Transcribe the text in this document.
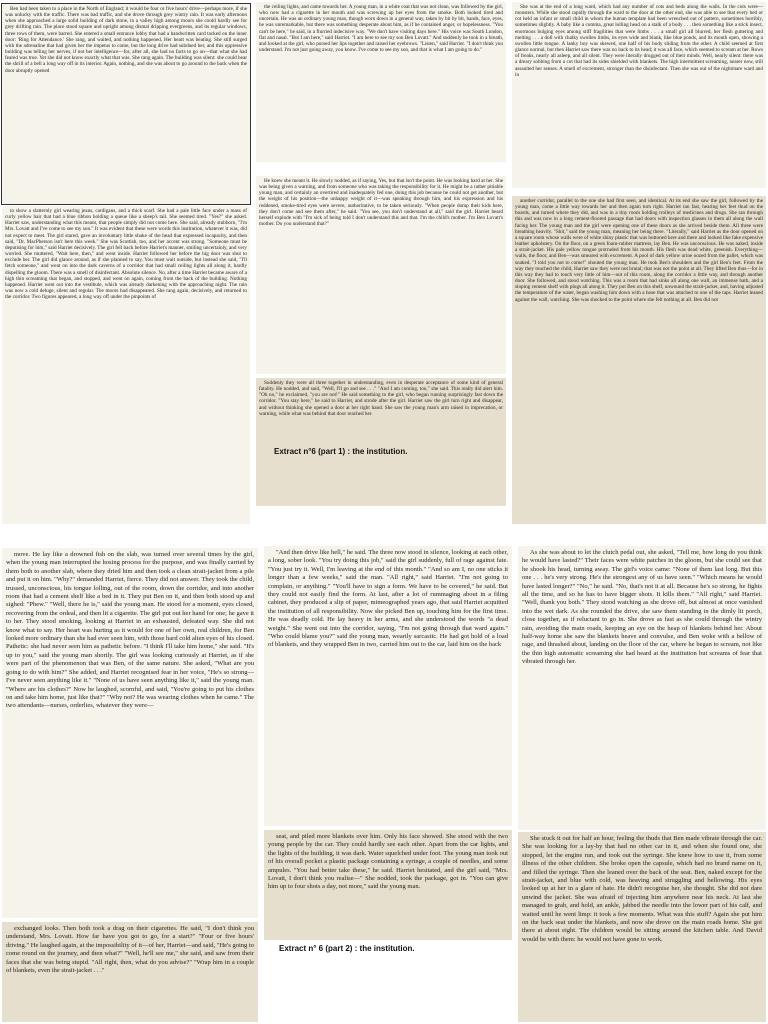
Ben had been taken to a place in the North of England; it would be four or five hours' drive—perhaps more, if she was unlucky with the traffic. There was bad traffic, and she drove through grey wintry rain. It was early afternoon when she approached a large solid building of dark stone, in a valley high among moors she could hardly see for grey drifting rain. The place stood square and upright among dismal dripping evergreens, and its regular windows, three rows of them, were barred. She entered a small entrance lobby that had a handwritten card tacked on the inner door: 'Ring for Attendance.' She rang, and waited, and nothing happened. Her heart was beating. She still surged with the adrenaline that had given her the impetus to come, but the long drive had subdued her, and this oppressive building was telling her nerves, if not her intelligence—for, after all, she had no facts to go on—that what she had feared was true. Yet she did not know exactly what that was. She rang again. The building was silent: she could hear the shrill of a bell a long way off in its interior. Again, nothing, and she was about to go around to the back when the door abruptly opened

to show a slatternly girl wearing jeans, cardigans, and a thick scarf. She had a pale little face under a mass of curly yellow hair that had a blue ribbon holding a queue like a sheep's tail. She seemed tired. "Yes?" she asked. Harriet saw, understanding what this meant, that people simply did not come here. She said, already stubborn, "I'm Mrs. Lovatt and I've come to see my son." It was evident that these were words this institution, whatever it was, did not expect to meet. The girl stared, gave an involuntary little shake of the head that expressed incapacity, and then said, "Dr. MacPherson isn't here this week." She was Scottish, too, and her accent was strong. "Someone must be deputising for him," said Harriet decisively. The girl fell back before Harriet's manner, smiling uncertainly, and very worried. She muttered, "Wait here, then," and went inside. Harriet followed her before the big door was shut to exclude her. The girl did glance around, as if she planned to say, You must wait outside, but instead she said, "I'll fetch someone," and went on into the dark caverns of a corridor that had small ceiling lights all along it, hardly dispelling the gloom. There was a smell of disinfectant. Absolute silence. No, after a time Harriet became aware of a high thin screaming that began, and stopped, and went on again, coming from the back of the building. Nothing happened. Harriet went out into the vestibule, which was already darkening with the approaching night. The rain was now a cold deluge, silent and regular. The moors had disappeared. She rang again, decisively, and returned to the corridor. Two figures appeared, a long way off under the pinpoints of

the ceiling lights, and came towards her. A young man, in a white coat that was not clean, was followed by the girl, who now had a cigarette in her mouth and was screwing up her eyes from the smoke. Both looked tired and uncertain. He was an ordinary young man, though worn down in a general way, taken by bit by bit, hands, face, eyes, he was unremarkable, but there was something desperate about him, as if he contained anger, or hopelessness. "You can't be here," he said, in a flurried indecisive way. "We don't have visiting days here." His voice was South London, flat and nasal. "But I am here," said Harriet. "I am here to see my son Ben Lovatt." And suddenly he took in a breath, and looked at the girl, who pursed her lips together and raised her eyebrows. "Listen," said Harriet. "I don't think you understand. I'm not just going away, you know. I've come to see my son, and that is what I am going to do."

He knew she meant it. He slowly nodded, as if saying, Yes, but that isn't the point. He was looking hard at her. She was being given a warning, and from someone who was taking the responsibility for it. He might be a rather pitiable young man, and certainly an overtired and inadequately fed one, doing this job because he could not get another, but the weight of his position—the unhappy weight of it—was speaking through him, and his expression and his reddened, smoke-tired eyes were severe, authoritative, to be taken seriously. "When people dump their kids here, they don't come and see them after," he said. "You see, you don't understand at all," said the girl. Harriet heard herself explode with "I'm sick of being told I don't understand this and that. I'm the child's mother. I'm Ben Lovatt's mother. Do you understand that?"

Suddenly they were all three together in understanding, even in desperate acceptance of some kind of general fatality. He nodded, and said, "Well, I'll go and see . . ." "And I am coming, too," she said. This really did alert him. "Oh no," he exclaimed, "you are not!" He said something to the girl, who began running surprisingly fast down the corridor. "You stay here," he said to Harriet, and strode after the girl. Harriet saw the girl turn right and disappear, and without thinking she opened a door at her right hand. She saw the young man's arm raised in imprecation, or warning, while what was behind that door reached her.

Extract n°6 (part 1) : the institution.

She was at the end of a long ward, which had any number of cots and beds along the walls. In the cots were—monsters. While she stood rapidly through the ward to the door at the other end, she was able to see that every bed or cot held an infant or small child in whom the human template had been wrenched out of pattern, sometimes horribly, sometimes slightly. A baby like a comma, great lolling head on a stalk of a body . . . then something like a stick insect, enormous bulging eyes among stiff fragilities that were limbs . . . a small girl all blurred, her flesh guttering and melting . . . a doll with chalky swollen limbs, its eyes wide and blank, like blue ponds, and its mouth open, showing a swollen little tongue. A lanky boy was skewed, one half of his body sliding from the other. A child seemed at first glance normal, but then Harriet saw there was no back to its head; it was all face, which seemed to scream at her. Rows of freaks, nearly all asleep, and all silent. They were literally drugged out of their minds. Well, nearly silent: there was a dreary sobbing from a cot that had its sides shielded with blankets. The high intermittent screaming, nearer now, still assaulted her senses. A smell of excrement, stronger than the disinfectant. Then she was out of the nightmare ward and in

another corridor, parallel to the one she had first seen, and identical. At its end she saw the girl, followed by the young man, come a little way towards her and then again turn right. Harriet ran fast, hearing her feet thud on the boards, and turned where they did, and was in a tiny room holding trolleys of medicines and drugs. She ran through this and was now in a long cement-floored passage that had doors with inspection glasses in them all along the wall facing her. The young man and the girl were opening one of these doors as she arrived beside them. All three were breathing heavily. "Shit," said the young man, meaning her being there. "Literally," said Harriet as the door opened on a square room whose walls were of white shiny plastic that was buttoned here and there and looked like fake expensive leather upholstery. On the floor, on a green foam-rubber mattress, lay Ben. He was unconscious. He was naked, inside a strait-jacket. His pale yellow tongue protruded from his mouth. His flesh was dead white, greenish. Everything—walls, the floor, and Ben—was smeared with excrement. A pool of dark yellow urine oozed from the pallet, which was soaked. "I told you not to come!" shouted the young man. He took Ben's shoulders and the girl Ben's feet. From the way they touched the child, Harriet saw they were not brutal; that was not the point at all. They lifted Ben thus—for in this way they had to touch very little of him—out of this room, along the corridor a little way, and through another door. She followed, and stood watching. This was a room that had sinks all along one wall, an immense bath, and a sloping cement shelf with plugs all along it. They put Ben on this shelf, unwound the strait-jacket, and, having adjusted the temperature of the water, began washing him down with a hose that was attached to one of the taps. Harriet leaned against the wall, watching. She was shocked to the point where she felt nothing at all. Ben did not

move. He lay like a drowned fish on the slab, was turned over several times by the girl, when the young man interrupted the hosing process for the purpose, and was finally carried by them both to another slab, where they dried him and then took a clean strait-jacket from a pile and put it on him. "Why?" demanded Harriet, fierce. They did not answer. They took the child, trussed, unconscious, his tongue lolling, out of the room, down the corridor, and into another room that had a cement shelf like a bed in it. They put Ben on it, and then both stood up and sighed: "Phew." "Well, there he is," said the young man. He stood for a moment, eyes closed, recovering from the ordeal, and then lit a cigarette. The girl put out her hand for one; he gave it to her. They stood smoking, looking at Harriet in an exhausted, defeated way. She did not know what to say. Her heart was hurting as it would for one of her own, real children, for Ben looked more ordinary than she had ever seen him, with those hard cold alien eyes of his closed. Pathetic: she had never seen him as pathetic before. "I think I'll take him home," she said. "It's up to you," said the young man shortly. The girl was looking curiously at Harriet, as if she were part of the phenomenon that was Ben, of the same nature. She asked, "What are you going to do with him?" She added, and Harriet recognised fear in her voice, "He's so strong—I've never seen anything like it." "None of us have seen anything like it," said the young man. "Where are his clothes?" Now he laughed, scornful, and said, "You're going to put his clothes on and take him home, just like that?" "Why not? He was wearing clothes when he came." The two attendants—nurses, orderlies, whatever they were—

exchanged looks. Then both took a drag on their cigarettes. He said, "I don't think you understand, Mrs. Lovatt. How far have you got to go, for a start?" "Four or five hours' driving." He laughed again, at the impossibility of it—of her, Harriet—and said, "He's going to come round on the journey, and then what?" "Well, he'll see me," she said, and saw from their faces that she was being stupid. "All right, then, what do you advise?" "Wrap him in a couple of blankets, even the strait-jacket . . ."

"And then drive like hell," he said. The three now stood in silence, looking at each other, a long, sober look. "You try doing this job," said the girl suddenly, full of rage against fate. "You just try it. Well, I'm leaving at the end of this month." "And so am I, no one sticks it longer than a few weeks," said the man. "All right," said Harriet. "I'm not going to complain, or anything." "You'll have to sign a form. We have to be covered," he said. But they could not easily find the form. At last, after a lot of rummaging about in a filing cabinet, they produced a slip of paper, mimeographed years ago, that said Harriet acquitted the institution of all responsibility. Now she picked Ben up, touching him for the first time. He was deadly cold. He lay heavy in her arms, and she understood the words "a dead weight." She went out into the corridor, saying, "I'm not going through that ward again." "Who could blame you?" said the young man, wearily sarcastic. He had got hold of a load of blankets, and they wrapped Ben in two, carried him out to the car, laid him on the back

seat, and piled more blankets over him. Only his face showed. She stood with the two young people by the car. They could hardly see each other. Apart from the car lights, and the lights of the building, it was dark. Water squelched under foot. The young man took out of his overall pocket a plastic package containing a syringe, a couple of needles, and some ampules. "You had better take these," he said. Harriet hesitated, and the girl said, "Mrs. Lovatt, I don't think you realise—" She nodded, took the package, got in. "You can give him up to four shots a day, not more," said the young man.

Extract n° 6 (part 2) : the institution.

As she was about to let the clutch pedal out, she asked, "Tell me, how long do you think he would have lasted?" Their faces were white patches in the gloom, but she could see that he shook his head, turning away. The girl's voice came: "None of them last long. But this one . . . he's very strong. He's the strongest any of us have seen." "Which means he would have lasted longer?" "No," he said. "No, that's not it at all. Because he's so strong, he fights all the time, and so he has to have bigger shots. It kills them." "All right," said Harriet. "Well, thank you both." They stood watching as she drove off, but almost at once vanished into the wet dark. As she rounded the drive, she saw them standing in the dimly lit porch, close together, as if reluctant to go in. She drove as fast as she could through the wintry rain, avoiding the main roads, keeping an eye on the heap of blankets behind her. About half-way home she saw the blankets heave and convulse, and Ben woke with a bellow of rage, and thrashed about, landing on the floor of the car, where he began to scream, not like the thin high automatic screaming she had heard at the institution but screams of fear that vibrated through her.

She stuck it out for half an hour, feeling the thuds that Ben made vibrate through the car. She was looking for a lay-by that had no other car in it, and when she found one, she stopped, let the engine run, and took out the syringe. She knew how to use it, from some illness of the other children. She broke open the capsule, which had no brand name on it, and filled the syringe. Then she leaned over the back of the seat. Ben, naked except for the strait-jacket, and blue with cold, was heaving and struggling and bellowing. His eyes looked up at her in a glare of hate. He didn't recognise her, she thought. She did not dare unwind the jacket. She was afraid of injecting him anywhere near his neck. At last she managed to grab, and hold, an ankle, jabbed the needle into the lower part of his calf, and waited until he went limp: it took a few moments. What was this stuff? Again she put him on the back seat under the blankets, and now she drove on the main roads home. She got there at about eight. The children would be sitting around the kitchen table. And David would be with them: he would not have gone to work.
